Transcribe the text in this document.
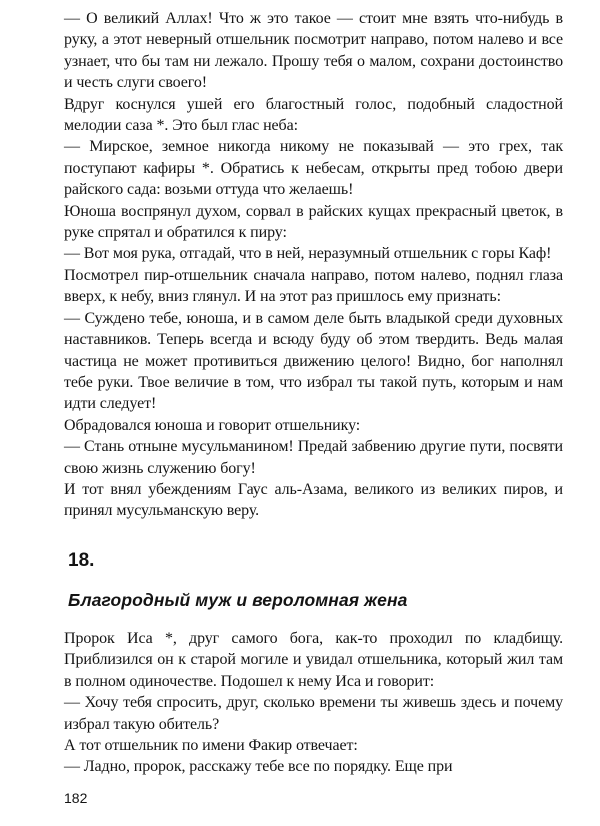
— О великий Аллах! Что ж это такое — стоит мне взять что-нибудь в руку, а этот неверный отшельник посмотрит направо, потом налево и все узнает, что бы там ни лежало. Прошу тебя о малом, сохрани достоинство и честь слуги своего!

Вдруг коснулся ушей его благостный голос, подобный сладостной мелодии саза *. Это был глас неба:

— Мирское, земное никогда никому не показывай — это грех, так поступают кафиры *. Обратись к небесам, открыты пред тобою двери райского сада: возьми оттуда что желаешь!

Юноша воспрянул духом, сорвал в райских кущах прекрасный цветок, в руке спрятал и обратился к пиру:

— Вот моя рука, отгадай, что в ней, неразумный отшельник с горы Каф!

Посмотрел пир-отшельник сначала направо, потом налево, поднял глаза вверх, к небу, вниз глянул. И на этот раз пришлось ему признать:

— Суждено тебе, юноша, и в самом деле быть владыкой среди духовных наставников. Теперь всегда и всюду буду об этом твердить. Ведь малая частица не может противиться движению целого! Видно, бог наполнял тебе руки. Твое величие в том, что избрал ты такой путь, которым и нам идти следует!

Обрадовался юноша и говорит отшельнику:

— Стань отныне мусульманином! Предай забвению другие пути, посвяти свою жизнь служению богу!

И тот внял убеждениям Гаус аль-Азама, великого из великих пиров, и принял мусульманскую веру.

18.
Благородный муж и вероломная жена

Пророк Иса *, друг самого бога, как-то проходил по кладбищу. Приблизился он к старой могиле и увидал отшельника, который жил там в полном одиночестве. Подошел к нему Иса и говорит:

— Хочу тебя спросить, друг, сколько времени ты живешь здесь и почему избрал такую обитель?

А тот отшельник по имени Факир отвечает:

— Ладно, пророк, расскажу тебе все по порядку. Еще при

182
